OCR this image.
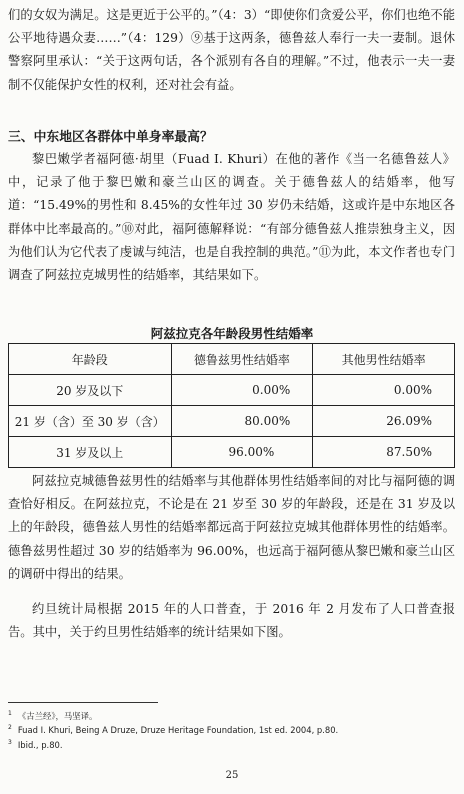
们的女奴为满足。这是更近于公平的。”（4：3）“即使你们贪爱公平，你们也绝不能公平地待遇众妻……”（4：129）⑨基于这两条，德鲁兹人奉行一夫一妻制。退休警察阿里承认：“关于这两句话，各个派别有各自的理解。”不过，他表示一夫一妻制不仅能保护女性的权利，还对社会有益。

三、中东地区各群体中单身率最高？

黎巴嫩学者福阿德·胡里（Fuad I. Khuri）在他的著作《当一名德鲁兹人》中，记录了他于黎巴嫩和豪兰山区的调查。关于德鲁兹人的结婚率，他写道：“15.49%的男性和 8.45%的女性年过 30 岁仍未结婚，这或许是中东地区各群体中比率最高的。”⑩对此，福阿德解释说：“有部分德鲁兹人推崇独身主义，因为他们认为它代表了虔诚与纯洁，也是自我控制的典范。”⑪为此，本文作者也专门调查了阿兹拉克城男性的结婚率，其结果如下。

阿兹拉克各年龄段男性结婚率

年龄段	德鲁兹男性结婚率	其他男性结婚率
20 岁及以下	0.00%	0.00%
21 岁（含）至 30 岁（含）	80.00%	26.09%
31 岁及以上	96.00%	87.50%

阿兹拉克城德鲁兹男性的结婚率与其他群体男性结婚率间的对比与福阿德的调查恰好相反。在阿兹拉克，不论是在 21 岁至 30 岁的年龄段，还是在 31 岁及以上的年龄段，德鲁兹人男性的结婚率都远高于阿兹拉克城其他群体男性的结婚率。德鲁兹男性超过 30 岁的结婚率为 96.00%，也远高于福阿德从黎巴嫩和豪兰山区的调研中得出的结果。

约旦统计局根据 2015 年的人口普查，于 2016 年 2 月发布了人口普查报告。其中，关于约旦男性结婚率的统计结果如下图。

$^1$ 《古兰经》，马坚译。
$^2$ Fuad I. Khuri, Being A Druze, Druze Heritage Foundation, 1st ed. 2004, p.80.
$^3$ Ibid., p.80.
25
